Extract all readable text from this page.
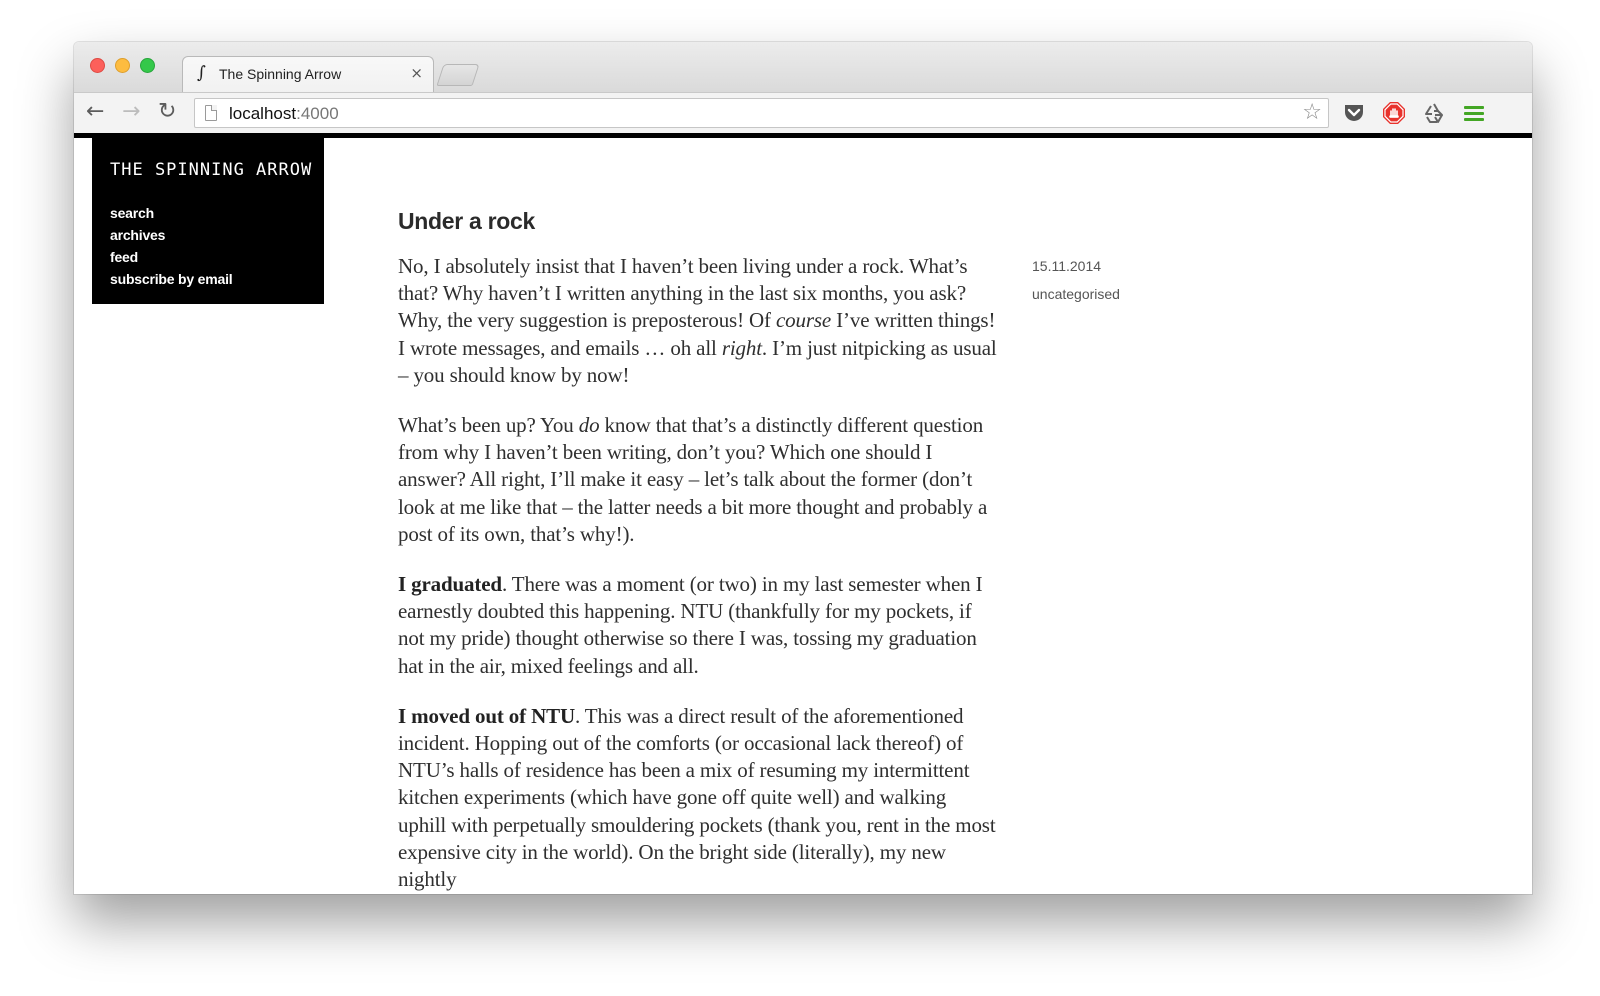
∫ The Spinning Arrow	×
← → ↻	localhost:4000	☆
THE SPINNING ARROW
search
archives
feed
subscribe by email
Under a rock

No, I absolutely insist that I haven’t been living under a rock. What’s that? Why haven’t I written anything in the last six months, you ask? Why, the very suggestion is preposterous! Of course I’ve written things! I wrote messages, and emails … oh all right. I’m just nitpicking as usual – you should know by now!

What’s been up? You do know that that’s a distinctly different question from why I haven’t been writing, don’t you? Which one should I answer? All right, I’ll make it easy – let’s talk about the former (don’t look at me like that – the latter needs a bit more thought and probably a post of its own, that’s why!).

I graduated. There was a moment (or two) in my last semester when I earnestly doubted this happening. NTU (thankfully for my pockets, if not my pride) thought otherwise so there I was, tossing my graduation hat in the air, mixed feelings and all.

I moved out of NTU. This was a direct result of the aforementioned incident. Hopping out of the comforts (or occasional lack thereof) of NTU’s halls of residence has been a mix of resuming my intermittent kitchen experiments (which have gone off quite well) and walking uphill with perpetually smouldering pockets (thank you, rent in the most expensive city in the world). On the bright side (literally), my new nightly

15.11.2014
uncategorised
